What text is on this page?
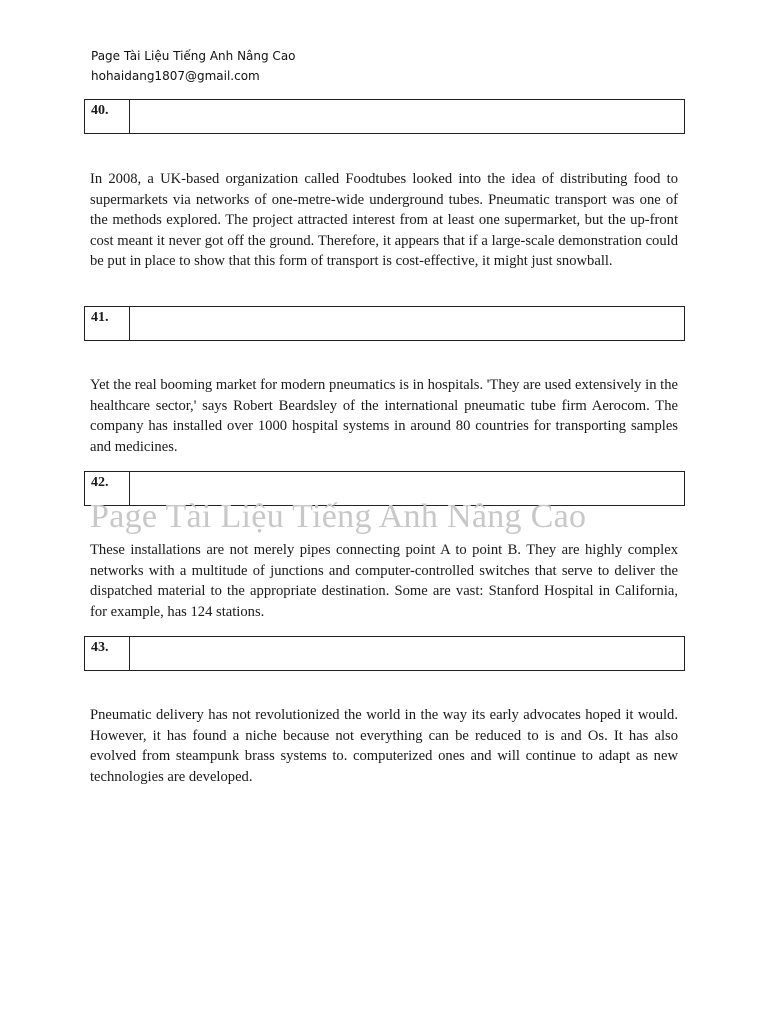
Page Tài Liệu Tiếng Anh Nâng Cao
hohaidang1807@gmail.com
40.

In 2008, a UK-based organization called Foodtubes looked into the idea of distributing food to supermarkets via networks of one-metre-wide underground tubes. Pneumatic transport was one of the methods explored. The project attracted interest from at least one supermarket, but the up-front cost meant it never got off the ground. Therefore, it appears that if a large-scale demonstration could be put in place to show that this form of transport is cost-effective, it might just snowball.

41.

Yet the real booming market for modern pneumatics is in hospitals. 'They are used extensively in the healthcare sector,' says Robert Beardsley of the international pneumatic tube firm Aerocom. The company has installed over 1000 hospital systems in around 80 countries for transporting samples and medicines.

42.
Page Tài Liệu Tiếng Anh Nâng Cao

These installations are not merely pipes connecting point A to point B. They are highly complex networks with a multitude of junctions and computer-controlled switches that serve to deliver the dispatched material to the appropriate destination. Some are vast: Stanford Hospital in California, for example, has 124 stations.

43.

Pneumatic delivery has not revolutionized the world in the way its early advocates hoped it would. However, it has found a niche because not everything can be reduced to is and Os. It has also evolved from steampunk brass systems to. computerized ones and will continue to adapt as new technologies are developed.
